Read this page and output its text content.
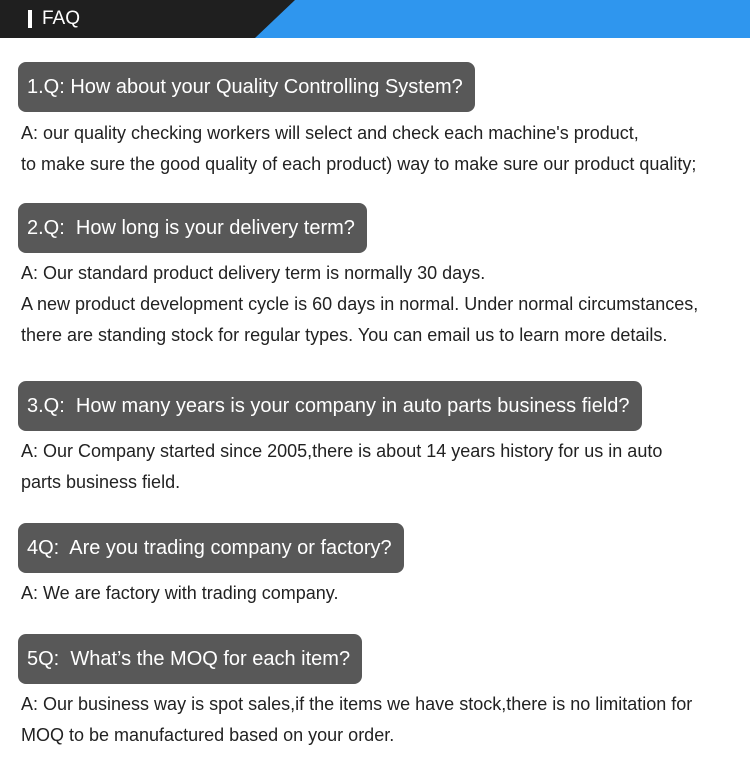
FAQ
1.Q: How about your Quality Controlling System?
A: our quality checking workers will select and check each machine's product,
to make sure the good quality of each product) way to make sure our product quality;
2.Q:  How long is your delivery term?
A: Our standard product delivery term is normally 30 days.
A new product development cycle is 60 days in normal. Under normal circumstances,
there are standing stock for regular types. You can email us to learn more details.
3.Q:  How many years is your company in auto parts business field?
A: Our Company started since 2005,there is about 14 years history for us in auto
parts business field.
4Q:  Are you trading company or factory?
A: We are factory with trading company.
5Q:  What’s the MOQ for each item?
A: Our business way is spot sales,if the items we have stock,there is no limitation for
MOQ to be manufactured based on your order.
